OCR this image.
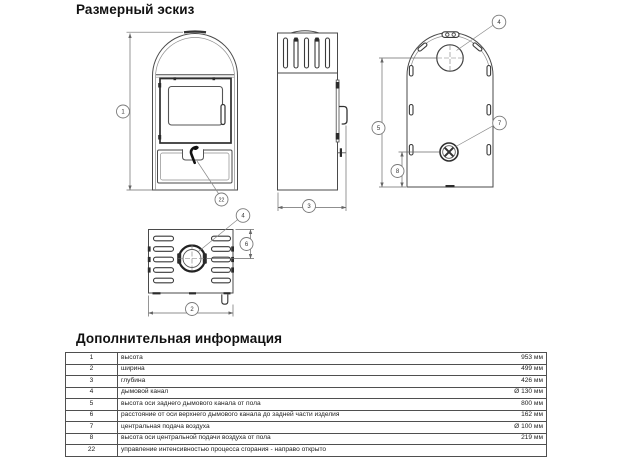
Размерный эскиз
1
22
3
5
8
4
7
4
6
2
Дополнительная информация
1	высота	953 мм
2	ширина	499 мм
3	глубина	426 мм
4	дымовой канал	Ø 130 мм
5	высота оси заднего дымового канала от пола	800 мм
6	расстояние от оси верхнего дымового канала до задней части изделия	162 мм
7	центральная подача воздуха	Ø 100 мм
8	высота оси центральной подачи воздуха от пола	219 мм
22	управление интенсивностью процесса сгорания - направо открыто	
